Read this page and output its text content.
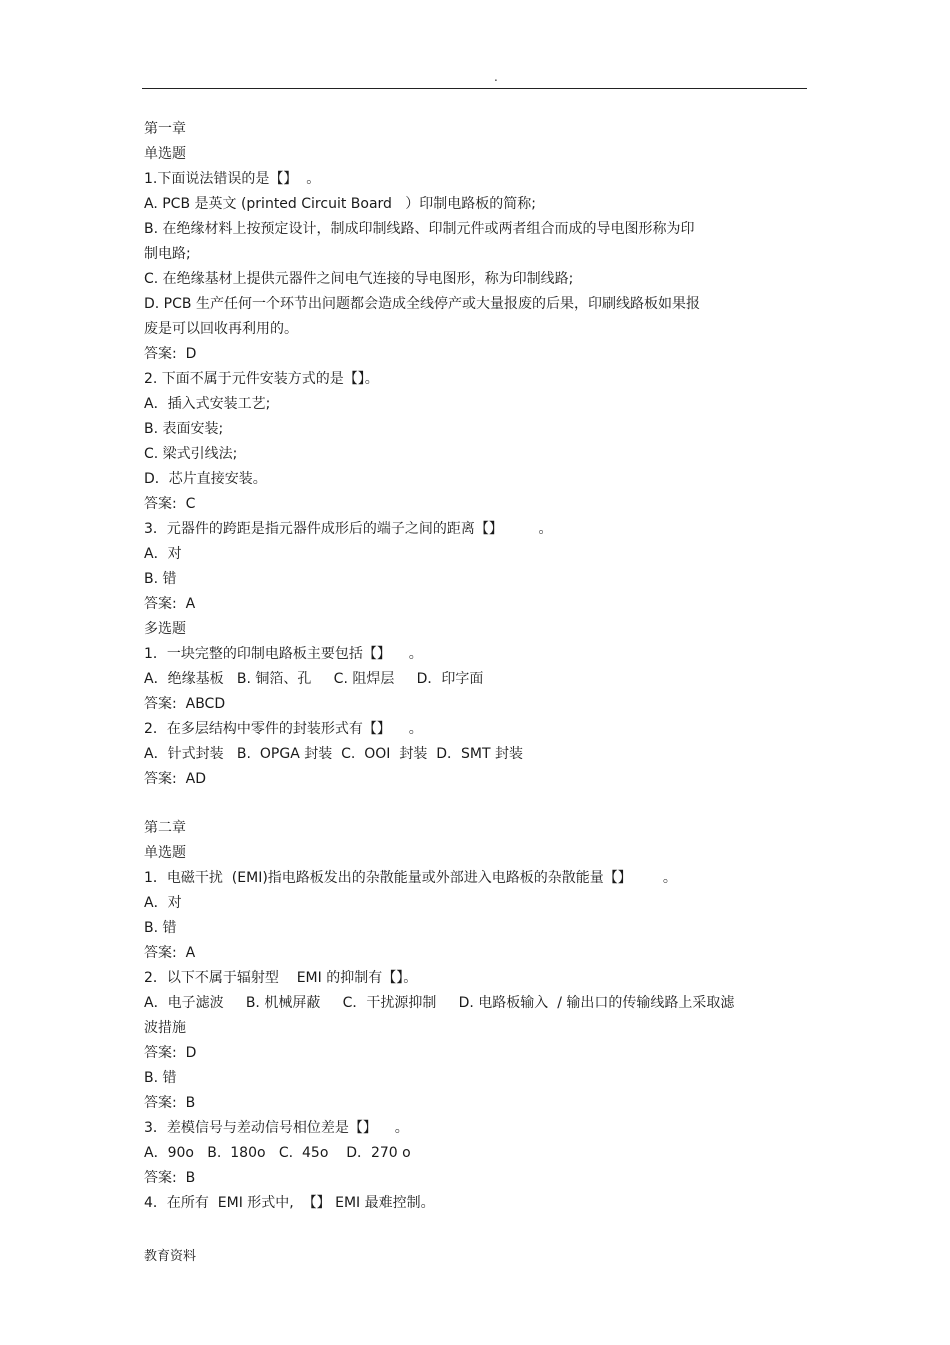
.
第一章
单选题
1.下面说法错误的是【】  。
A. PCB 是英文 (printed Circuit Board   ）印制电路板的简称;
B. 在绝缘材料上按预定设计，制成印制线路、印制元件或两者组合而成的导电图形称为印
制电路;
C. 在绝缘基材上提供元器件之间电气连接的导电图形，称为印制线路;
D. PCB 生产任何一个环节出问题都会造成全线停产或大量报废的后果，印刷线路板如果报
废是可以回收再利用的。
答案:  D
2. 下面不属于元件安装方式的是【】。
A．插入式安装工艺;
B. 表面安装;
C. 梁式引线法;
D．芯片直接安装。
答案:  C
3．元器件的跨距是指元器件成形后的端子之间的距离【】        。
A．对
B. 错
答案:  A
多选题
1．一块完整的印制电路板主要包括【】    。
A．绝缘基板   B. 铜箔、孔     C. 阻焊层     D．印字面
答案:  ABCD
2．在多层结构中零件的封装形式有【】    。
A．针式封装   B.  OPGA 封装  C.  OOI  封装  D．SMT 封装
答案:  AD
第二章
单选题
1．电磁干扰  (EMI)指电路板发出的杂散能量或外部进入电路板的杂散能量【】       。
A．对
B. 错
答案:  A
2．以下不属于辐射型    EMI 的抑制有【】。
A．电子滤波     B. 机械屏蔽     C．干扰源抑制     D. 电路板输入  / 输出口的传输线路上采取滤
波措施
答案:  D
B. 错
答案:  B
3．差模信号与差动信号相位差是【】    。
A．90o   B.  180o   C.  45o    D．270 o
答案:  B
4．在所有  EMI 形式中,  【】 EMI 最难控制。
教育资料
